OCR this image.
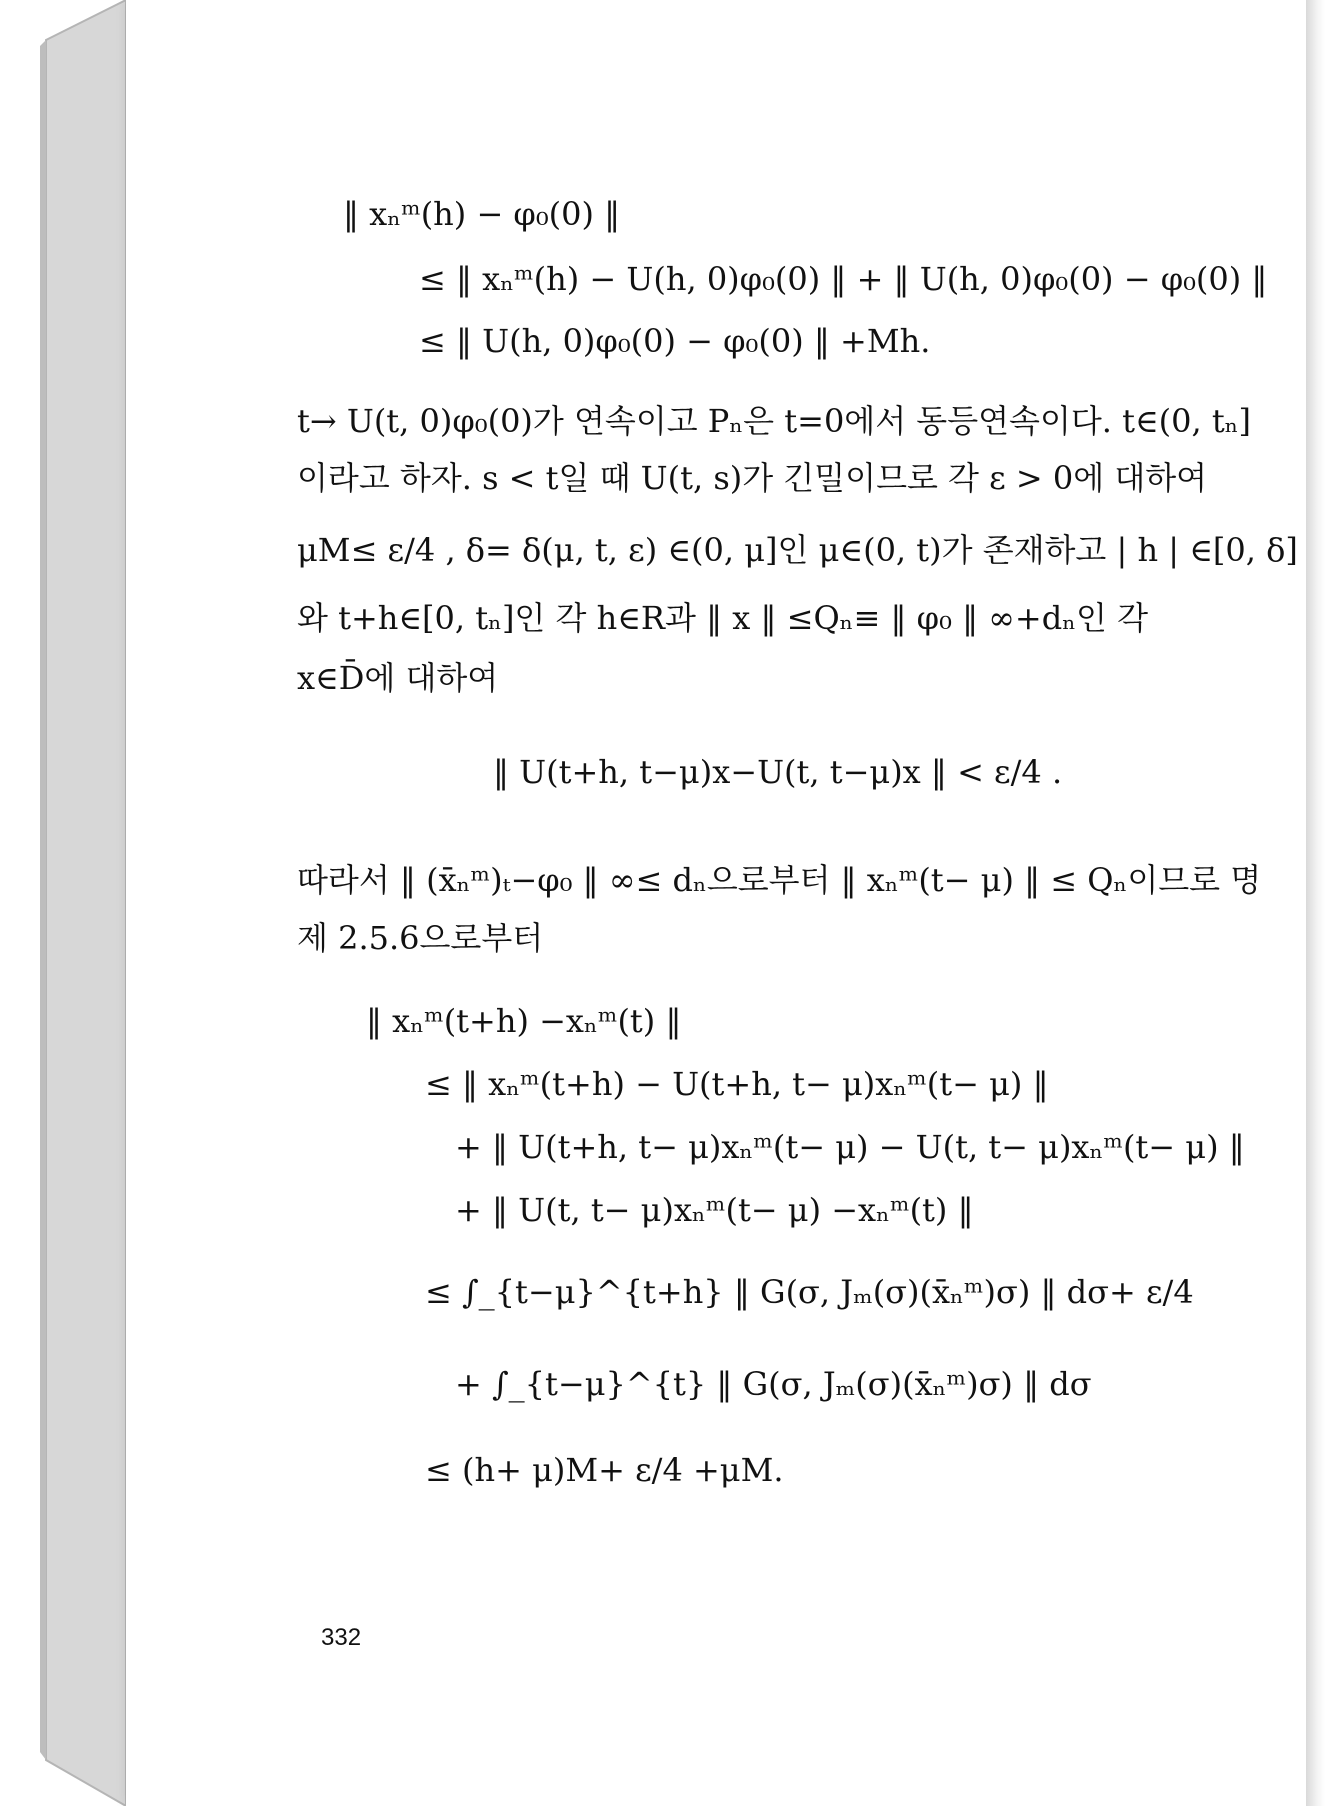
‖ xₙᵐ(h) − φ₀(0) ‖
≤ ‖ xₙᵐ(h) − U(h, 0)φ₀(0) ‖ + ‖ U(h, 0)φ₀(0) − φ₀(0) ‖
≤ ‖ U(h, 0)φ₀(0) − φ₀(0) ‖ +Mh.
t→ U(t, 0)φ₀(0)가 연속이고 Pₙ은 t=0에서 동등연속이다. t∈(0, tₙ]
이라고 하자. s < t일 때 U(t, s)가 긴밀이므로 각 ε > 0에 대하여
μM≤ ε/4 , δ= δ(μ, t, ε) ∈(0, μ]인 μ∈(0, t)가 존재하고 | h | ∈[0, δ]
와 t+h∈[0, tₙ]인 각 h∈R과 ‖ x ‖ ≤Qₙ≡ ‖ φ₀ ‖ ∞+dₙ인 각
x∈D̄에 대하여
‖ U(t+h, t−μ)x−U(t, t−μ)x ‖ < ε/4 .
따라서 ‖ (x̄ₙᵐ)ₜ−φ₀ ‖ ∞≤ dₙ으로부터 ‖ xₙᵐ(t− μ) ‖ ≤ Qₙ이므로 명
제 2.5.6으로부터
‖ xₙᵐ(t+h) −xₙᵐ(t) ‖
≤ ‖ xₙᵐ(t+h) − U(t+h, t− μ)xₙᵐ(t− μ) ‖
+ ‖ U(t+h, t− μ)xₙᵐ(t− μ) − U(t, t− μ)xₙᵐ(t− μ) ‖
+ ‖ U(t, t− μ)xₙᵐ(t− μ) −xₙᵐ(t) ‖
≤ ∫_{t−μ}^{t+h} ‖ G(σ, Jₘ(σ)(x̄ₙᵐ)σ) ‖ dσ+ ε/4
+ ∫_{t−μ}^{t} ‖ G(σ, Jₘ(σ)(x̄ₙᵐ)σ) ‖ dσ
≤ (h+ μ)M+ ε/4 +μM.
332
